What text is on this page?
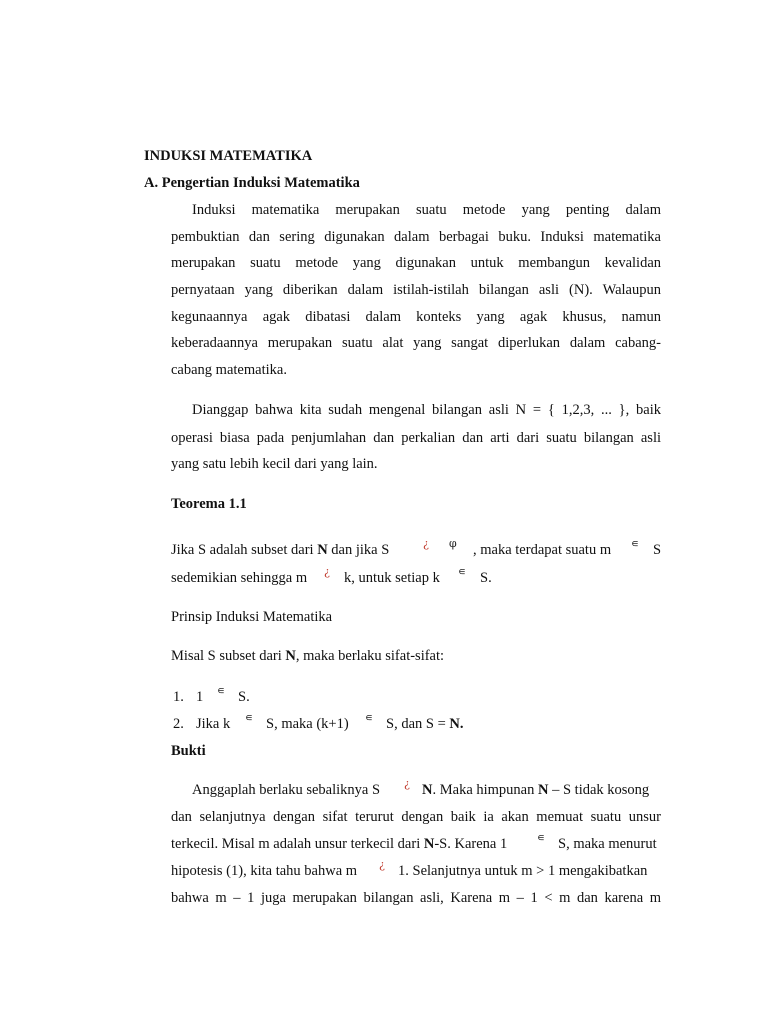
INDUKSI MATEMATIKA
A. Pengertian Induksi Matematika
Induksi matematika merupakan suatu metode yang penting dalam
pembuktian dan sering digunakan dalam berbagai buku. Induksi matematika
merupakan suatu metode yang digunakan untuk membangun kevalidan
pernyataan yang diberikan dalam istilah-istilah bilangan asli (N). Walaupun
kegunaannya agak dibatasi dalam konteks yang agak khusus, namun
keberadaannya merupakan suatu alat yang sangat diperlukan dalam cabang-
cabang matematika.
Dianggap bahwa kita sudah mengenal bilangan asli N = { 1,2,3, ... }, baik
operasi biasa pada penjumlahan dan perkalian dan arti dari suatu bilangan asli
yang satu lebih kecil dari yang lain.
Teorema 1.1
Jika S adalah subset dari N dan jika S	¿ φ , maka terdapat suatu m ∊ S
sedemikian sehingga m ¿ k, untuk setiap k ∊ S.
Prinsip Induksi Matematika
Misal S subset dari N, maka berlaku sifat-sifat:
1. 1 ∊ S.
2. Jika k ∊ S, maka (k+1) ∊ S, dan S = N.
Bukti
Anggaplah berlaku sebaliknya S ¿ N. Maka himpunan N – S tidak kosong
dan selanjutnya dengan sifat terurut dengan baik ia akan memuat suatu unsur
terkecil. Misal m adalah unsur terkecil dari N-S. Karena 1	∊ S, maka menurut
hipotesis (1), kita tahu bahwa m ¿ 1. Selanjutnya untuk m > 1 mengakibatkan
bahwa m – 1 juga merupakan bilangan asli, Karena m – 1 < m dan karena m
